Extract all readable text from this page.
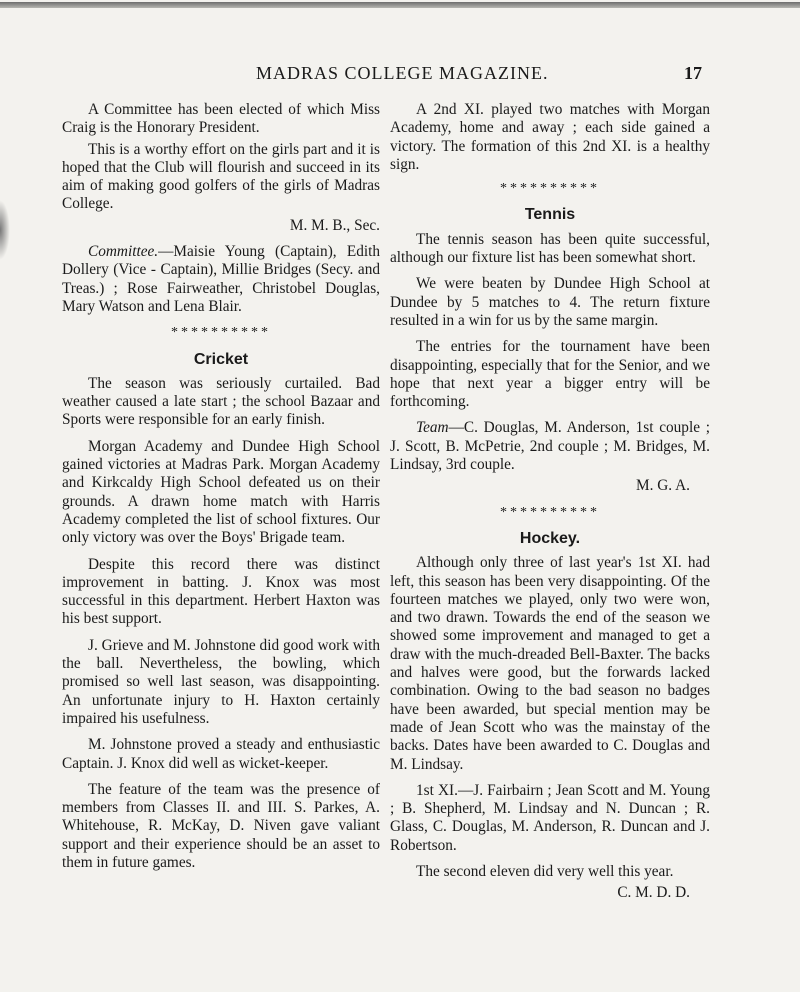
MADRAS COLLEGE MAGAZINE.	17

A Committee has been elected of which Miss Craig is the Honorary President.

This is a worthy effort on the girls part and it is hoped that the Club will flourish and succeed in its aim of making good golfers of the girls of Madras College.

M. M. B., Sec.

Committee.—Maisie Young (Captain), Edith Dollery (Vice - Captain), Millie Bridges (Secy. and Treas.) ; Rose Fairweather, Christobel Douglas, Mary Watson and Lena Blair.

**********
Cricket

The season was seriously curtailed. Bad weather caused a late start ; the school Bazaar and Sports were responsible for an early finish.

Morgan Academy and Dundee High School gained victories at Madras Park. Morgan Academy and Kirkcaldy High School defeated us on their grounds. A drawn home match with Harris Academy completed the list of school fixtures. Our only victory was over the Boys' Brigade team.

Despite this record there was distinct improvement in batting. J. Knox was most successful in this department. Herbert Haxton was his best support.

J. Grieve and M. Johnstone did good work with the ball. Nevertheless, the bowling, which promised so well last season, was disappointing. An unfortunate injury to H. Haxton certainly impaired his usefulness.

M. Johnstone proved a steady and enthusiastic Captain. J. Knox did well as wicket-keeper.

The feature of the team was the presence of members from Classes II. and III. S. Parkes, A. Whitehouse, R. McKay, D. Niven gave valiant support and their experience should be an asset to them in future games.

A 2nd XI. played two matches with Morgan Academy, home and away ; each side gained a victory. The formation of this 2nd XI. is a healthy sign.

**********
Tennis

The tennis season has been quite successful, although our fixture list has been somewhat short.

We were beaten by Dundee High School at Dundee by 5 matches to 4. The return fixture resulted in a win for us by the same margin.

The entries for the tournament have been disappointing, especially that for the Senior, and we hope that next year a bigger entry will be forthcoming.

Team—C. Douglas, M. Anderson, 1st couple ; J. Scott, B. McPetrie, 2nd couple ; M. Bridges, M. Lindsay, 3rd couple.

M. G. A.
**********
Hockey.

Although only three of last year's 1st XI. had left, this season has been very disappointing. Of the fourteen matches we played, only two were won, and two drawn. Towards the end of the season we showed some improvement and managed to get a draw with the much-dreaded Bell-Baxter. The backs and halves were good, but the forwards lacked combination. Owing to the bad season no badges have been awarded, but special mention may be made of Jean Scott who was the mainstay of the backs. Dates have been awarded to C. Douglas and M. Lindsay.

1st XI.—J. Fairbairn ; Jean Scott and M. Young ; B. Shepherd, M. Lindsay and N. Duncan ; R. Glass, C. Douglas, M. Anderson, R. Duncan and J. Robertson.

The second eleven did very well this year.

C. M. D. D.
